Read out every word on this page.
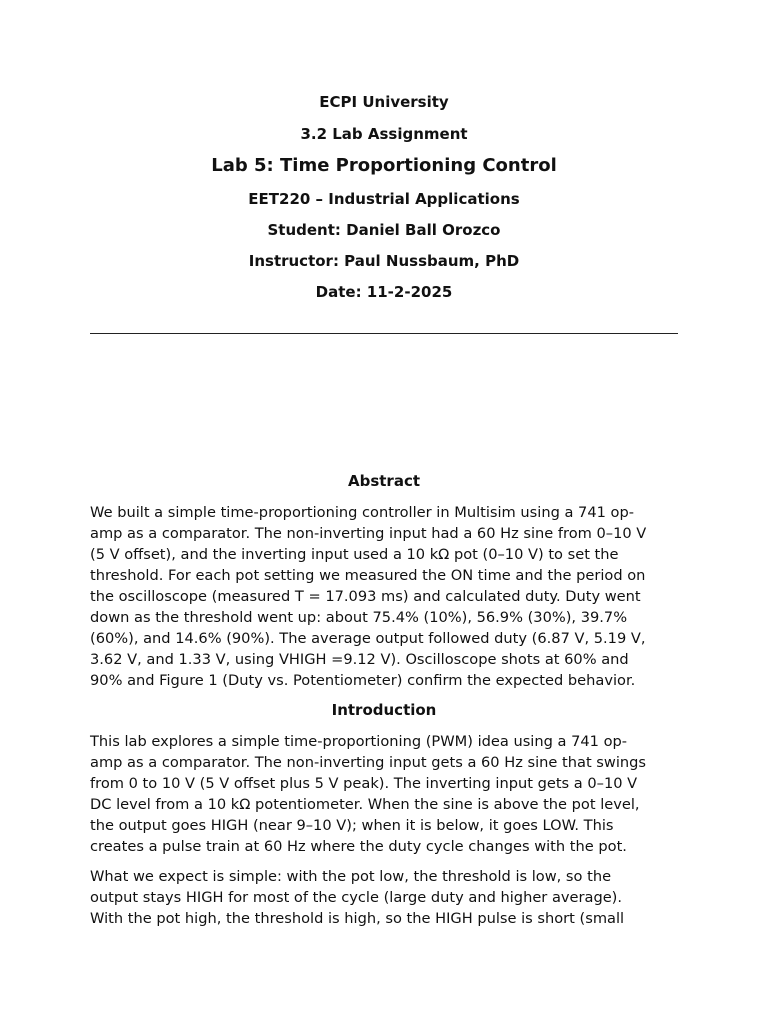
ECPI University
3.2 Lab Assignment
Lab 5: Time Proportioning Control
EET220 – Industrial Applications
Student: Daniel Ball Orozco
Instructor: Paul Nussbaum, PhD
Date: 11-2-2025
Abstract
We built a simple time-proportioning controller in Multisim using a 741 op-
amp as a comparator. The non-inverting input had a 60 Hz sine from 0–10 V
(5 V offset), and the inverting input used a 10 kΩ pot (0–10 V) to set the
threshold. For each pot setting we measured the ON time and the period on
the oscilloscope (measured T = 17.093 ms) and calculated duty. Duty went
down as the threshold went up: about 75.4% (10%), 56.9% (30%), 39.7%
(60%), and 14.6% (90%). The average output followed duty (6.87 V, 5.19 V,
3.62 V, and 1.33 V, using VHIGH =9.12 V). Oscilloscope shots at 60% and
90% and Figure 1 (Duty vs. Potentiometer) confirm the expected behavior.
Introduction
This lab explores a simple time-proportioning (PWM) idea using a 741 op-
amp as a comparator. The non-inverting input gets a 60 Hz sine that swings
from 0 to 10 V (5 V offset plus 5 V peak). The inverting input gets a 0–10 V
DC level from a 10 kΩ potentiometer. When the sine is above the pot level,
the output goes HIGH (near 9–10 V); when it is below, it goes LOW. This
creates a pulse train at 60 Hz where the duty cycle changes with the pot.
What we expect is simple: with the pot low, the threshold is low, so the
output stays HIGH for most of the cycle (large duty and higher average).
With the pot high, the threshold is high, so the HIGH pulse is short (small
